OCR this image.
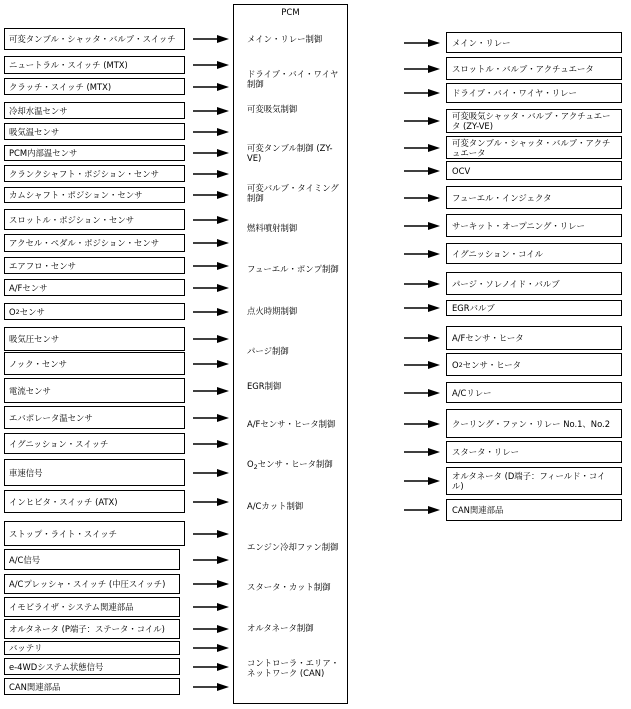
PCM
メイン・リレー制御
ドライブ・バイ・ワイヤ制御
可変吸気制御
可変タンブル制御 (ZY-VE)
可変バルブ・タイミング制御
燃料噴射制御
フューエル・ポンプ制御
点火時期制御
パージ制御
EGR制御
A/Fセンサ・ヒータ制御
$O_2$センサ・ヒータ制御
A/Cカット制御
エンジン冷却ファン制御
スタータ・カット制御
オルタネータ制御
コントローラ・エリア・ネットワーク (CAN)
可変タンブル・シャッタ・バルブ・スイッチ
ニュートラル・スイッチ (MTX)
クラッチ・スイッチ (MTX)
冷却水温センサ
吸気温センサ
PCM内部温センサ
クランクシャフト・ポジション・センサ
カムシャフト・ポジション・センサ
スロットル・ポジション・センサ
アクセル・ペダル・ポジション・センサ
エアフロ・センサ
A/Fセンサ
O 2 センサ
吸気圧センサ
ノック・センサ
電流センサ
エバポレータ温センサ
イグニッション・スイッチ
車速信号
インヒビタ・スイッチ (ATX)
ストップ・ライト・スイッチ
A/C信号
A/Cプレッシャ・スイッチ (中圧スイッチ)
イモビライザ・システム関連部品
オルタネータ (P端子：ステータ・コイル)
バッテリ
e-4WDシステム状態信号
CAN関連部品
メイン・リレー
スロットル・バルブ・アクチュエータ
ドライブ・バイ・ワイヤ・リレー
可変吸気シャッタ・バルブ・アクチュエータ (ZY-VE)
可変タンブル・シャッタ・バルブ・アクチュエータ
OCV
フューエル・インジェクタ
サーキット・オープニング・リレー
イグニッション・コイル
パージ・ソレノイド・バルブ
EGRバルブ
A/Fセンサ・ヒータ
O 2 センサ・ヒータ
A/Cリレー
クーリング・ファン・リレー No.1、No.2
スタータ・リレー
オルタネータ (D端子：フィールド・コイル)
CAN関連部品
